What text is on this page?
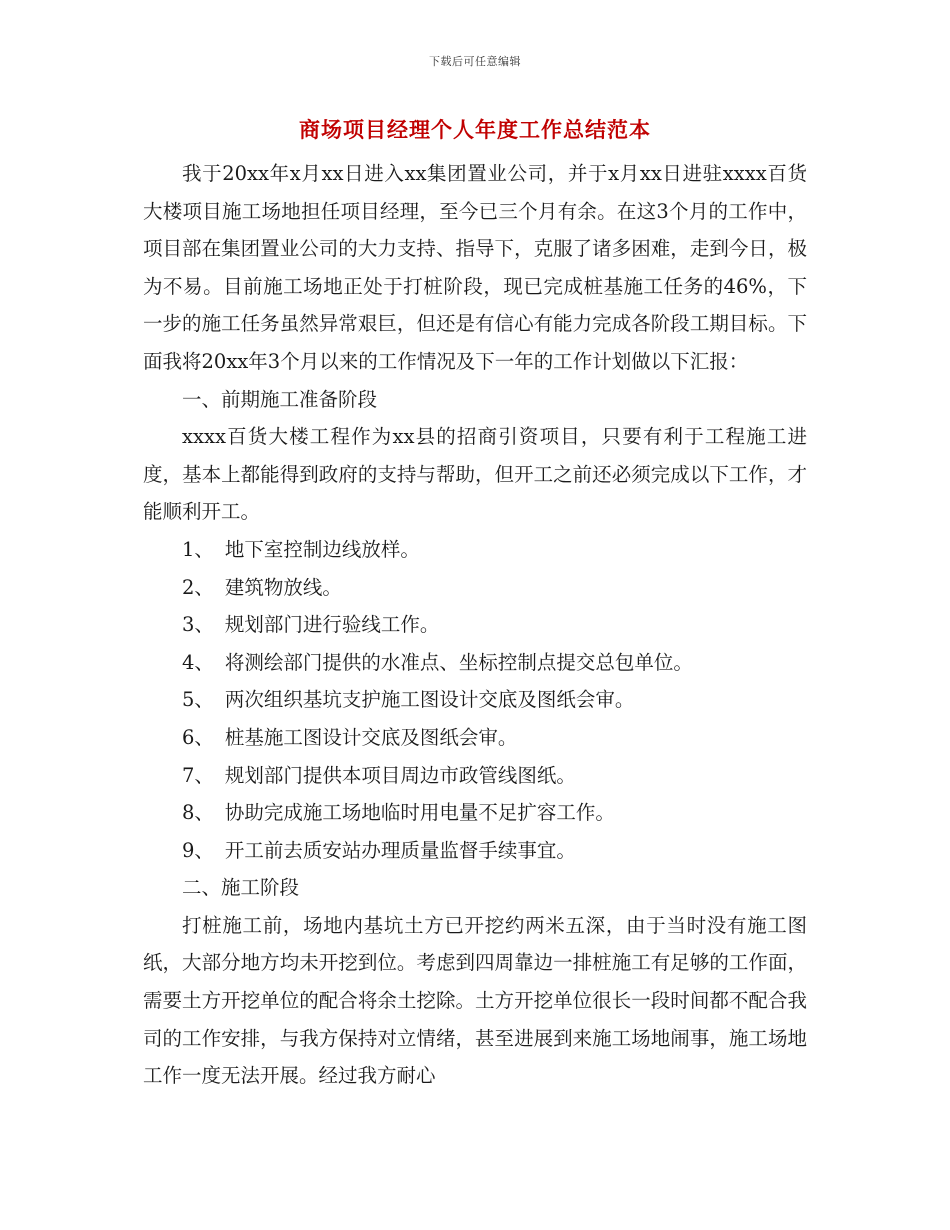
下载后可任意编辑
商场项目经理个人年度工作总结范本

我于20xx年x月xx日进入xx集团置业公司，并于x月xx日进驻xxxx百货大楼项目施工场地担任项目经理，至今已三个月有余。在这3个月的工作中，项目部在集团置业公司的大力支持、指导下，克服了诸多困难，走到今日，极为不易。目前施工场地正处于打桩阶段，现已完成桩基施工任务的46%，下一步的施工任务虽然异常艰巨，但还是有信心有能力完成各阶段工期目标。下面我将20xx年3个月以来的工作情况及下一年的工作计划做以下汇报：

一、前期施工准备阶段

xxxx百货大楼工程作为xx县的招商引资项目，只要有利于工程施工进度，基本上都能得到政府的支持与帮助，但开工之前还必须完成以下工作，才能顺利开工。

1、 地下室控制边线放样。

2、 建筑物放线。

3、 规划部门进行验线工作。

4、 将测绘部门提供的水准点、坐标控制点提交总包单位。

5、 两次组织基坑支护施工图设计交底及图纸会审。

6、 桩基施工图设计交底及图纸会审。

7、 规划部门提供本项目周边市政管线图纸。

8、 协助完成施工场地临时用电量不足扩容工作。

9、 开工前去质安站办理质量监督手续事宜。

二、施工阶段

打桩施工前，场地内基坑土方已开挖约两米五深，由于当时没有施工图纸，大部分地方均未开挖到位。考虑到四周靠边一排桩施工有足够的工作面，需要土方开挖单位的配合将余土挖除。土方开挖单位很长一段时间都不配合我司的工作安排，与我方保持对立情绪，甚至进展到来施工场地闹事，施工场地工作一度无法开展。经过我方耐心
